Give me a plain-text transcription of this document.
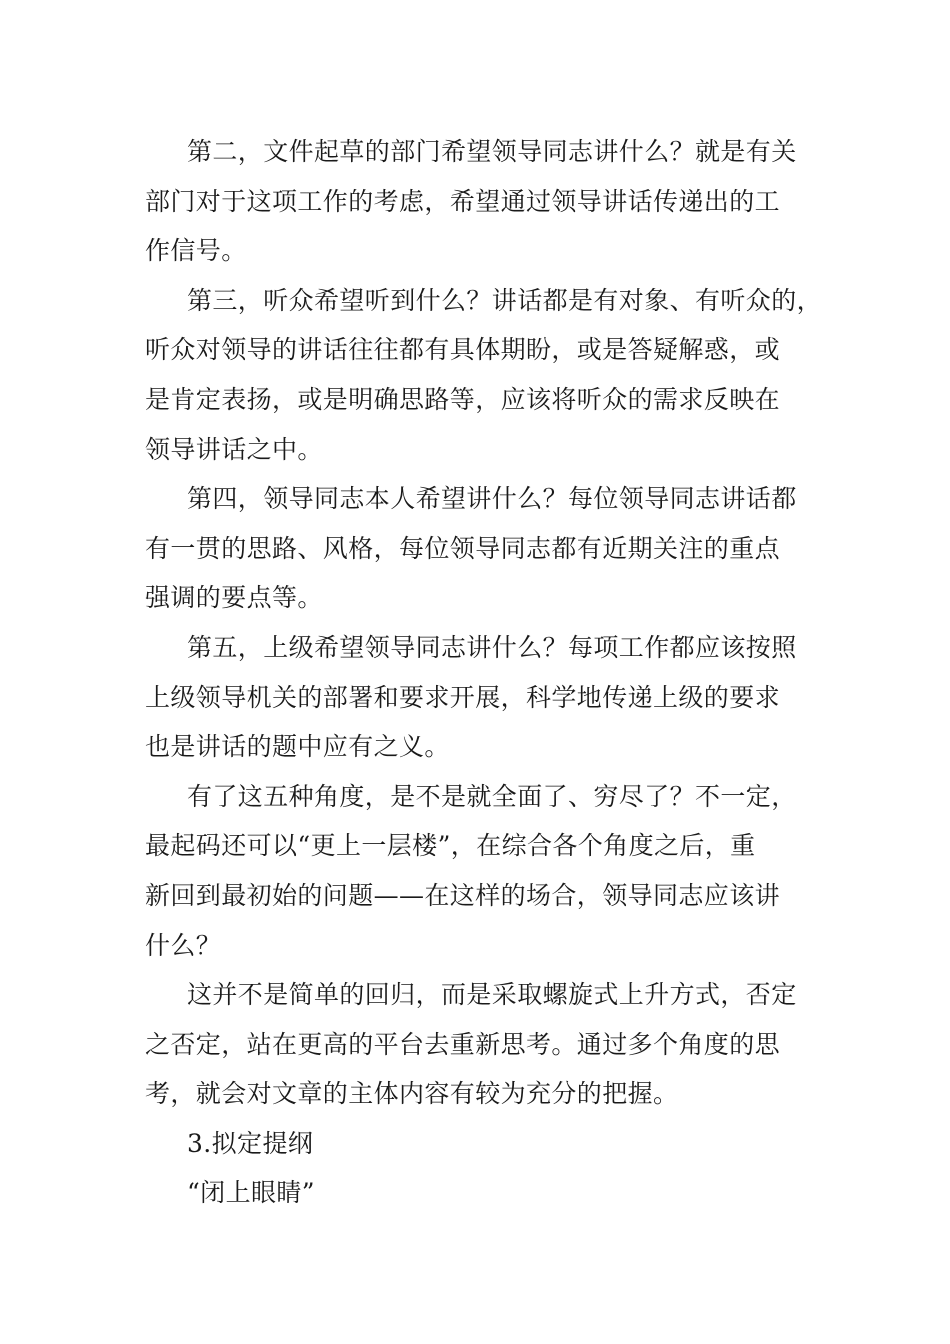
第二，文件起草的部门希望领导同志讲什么？就是有关
部门对于这项工作的考虑，希望通过领导讲话传递出的工
作信号。

第三，听众希望听到什么？讲话都是有对象、有听众的，
听众对领导的讲话往往都有具体期盼，或是答疑解惑，或
是肯定表扬，或是明确思路等，应该将听众的需求反映在
领导讲话之中。

第四，领导同志本人希望讲什么？每位领导同志讲话都
有一贯的思路、风格，每位领导同志都有近期关注的重点
强调的要点等。

第五，上级希望领导同志讲什么？每项工作都应该按照
上级领导机关的部署和要求开展，科学地传递上级的要求
也是讲话的题中应有之义。

有了这五种角度，是不是就全面了、穷尽了？不一定，
最起码还可以“更上一层楼”，在综合各个角度之后，重
新回到最初始的问题——在这样的场合，领导同志应该讲
什么？

这并不是简单的回归，而是采取螺旋式上升方式，否定
之否定，站在更高的平台去重新思考。通过多个角度的思
考，就会对文章的主体内容有较为充分的把握。

3.拟定提纲

“闭上眼睛”
